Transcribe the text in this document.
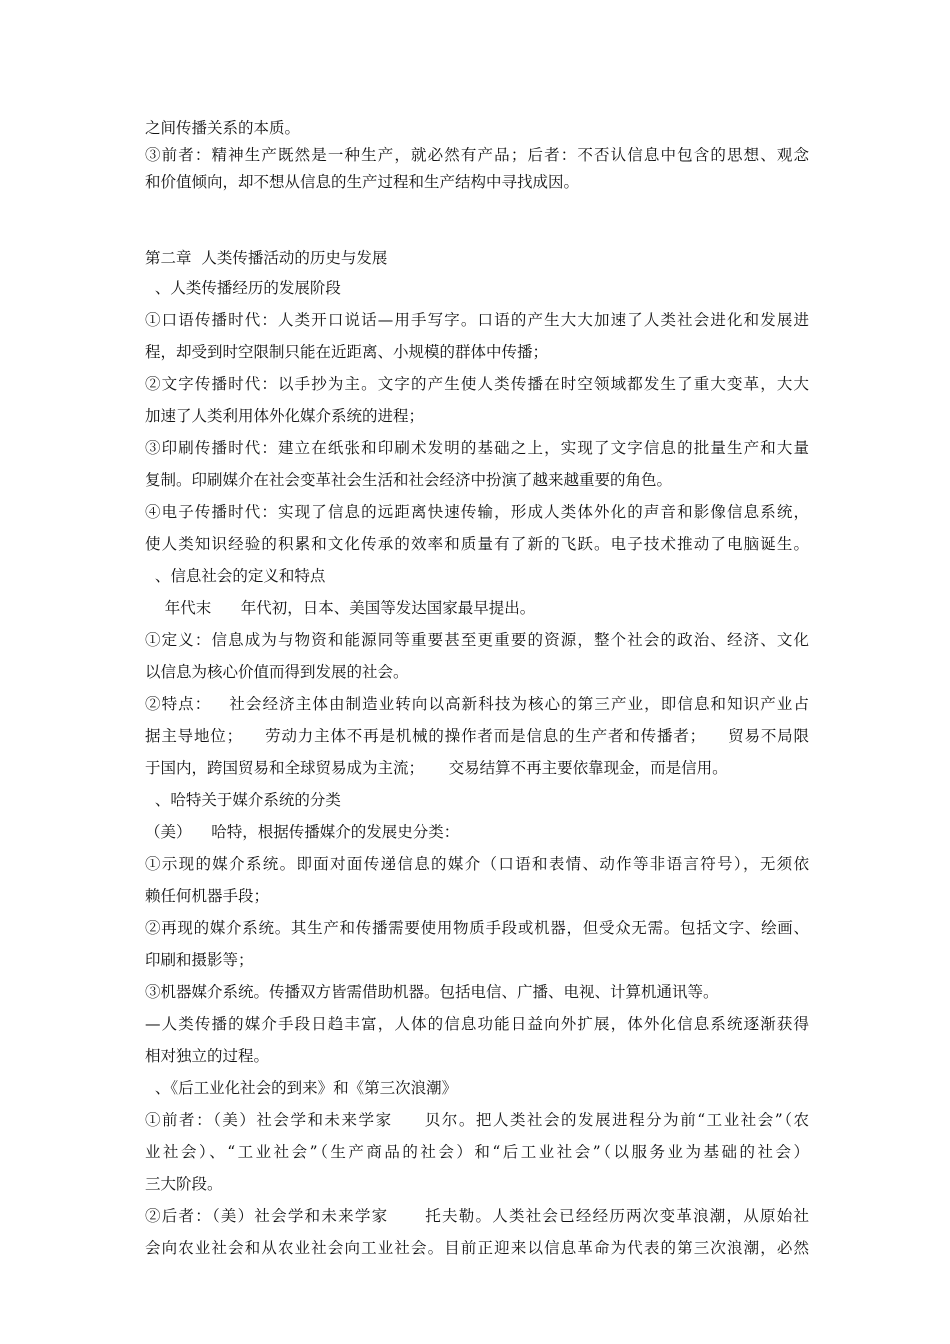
之间传播关系的本质。

③前者：精神生产既然是一种生产，就必然有产品；后者：不否认信息中包含的思想、观念

和价值倾向，却不想从信息的生产过程和生产结构中寻找成因。

第二章  人类传播活动的历史与发展

、人类传播经历的发展阶段

①口语传播时代：人类开口说话—用手写字。口语的产生大大加速了人类社会进化和发展进

程，却受到时空限制只能在近距离、小规模的群体中传播；

②文字传播时代：以手抄为主。文字的产生使人类传播在时空领域都发生了重大变革，大大

加速了人类利用体外化媒介系统的进程；

③印刷传播时代：建立在纸张和印刷术发明的基础之上，实现了文字信息的批量生产和大量

复制。印刷媒介在社会变革社会生活和社会经济中扮演了越来越重要的角色。

④电子传播时代：实现了信息的远距离快速传输，形成人类体外化的声音和影像信息系统，

使人类知识经验的积累和文化传承的效率和质量有了新的飞跃。电子技术推动了电脑诞生。

、信息社会的定义和特点

年代末      年代初，日本、美国等发达国家最早提出。

①定义：信息成为与物资和能源同等重要甚至更重要的资源，整个社会的政治、经济、文化

以信息为核心价值而得到发展的社会。

②特点：   社会经济主体由制造业转向以高新科技为核心的第三产业，即信息和知识产业占

据主导地位；    劳动力主体不再是机械的操作者而是信息的生产者和传播者；    贸易不局限

于国内，跨国贸易和全球贸易成为主流；     交易结算不再主要依靠现金，而是信用。

、哈特关于媒介系统的分类

（美）    哈特，根据传播媒介的发展史分类：

①示现的媒介系统。即面对面传递信息的媒介（口语和表情、动作等非语言符号），无须依

赖任何机器手段；

②再现的媒介系统。其生产和传播需要使用物质手段或机器，但受众无需。包括文字、绘画、

印刷和摄影等；

③机器媒介系统。传播双方皆需借助机器。包括电信、广播、电视、计算机通讯等。

—人类传播的媒介手段日趋丰富，人体的信息功能日益向外扩展，体外化信息系统逐渐获得

相对独立的过程。

、《后工业化社会的到来》和《第三次浪潮》

①前者：（美）社会学和未来学家     贝尔。把人类社会的发展进程分为前“工业社会”（农

业社会）、“工业社会”（生产商品的社会）和“后工业社会”（以服务业为基础的社会）

三大阶段。

②后者：（美）社会学和未来学家      托夫勒。人类社会已经经历两次变革浪潮，从原始社

会向农业社会和从农业社会向工业社会。目前正迎来以信息革命为代表的第三次浪潮，必然
